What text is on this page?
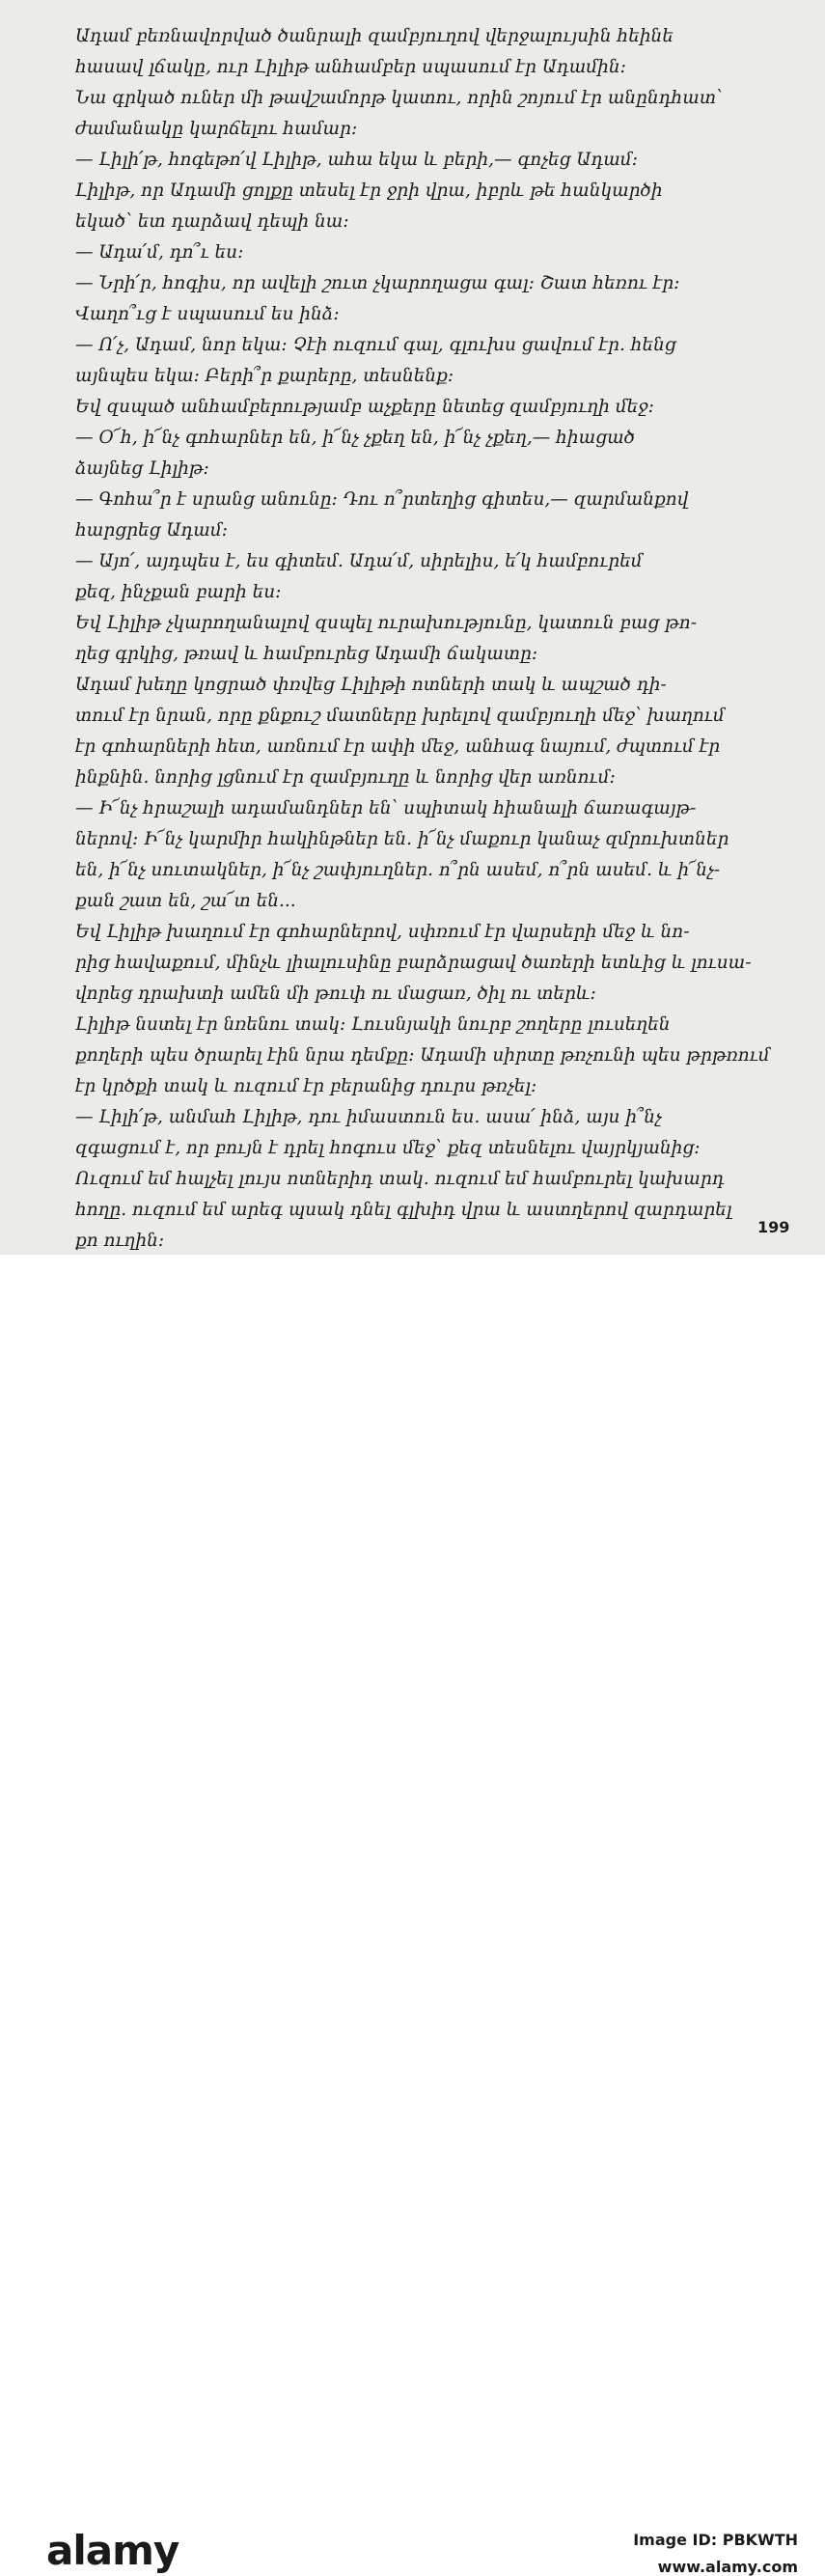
Ադամ բեռնավորված ծանրալի զամբյուղով վերջալույսին հեինե
հասավ լճակը, ուր Լիլիթ անհամբեր սպասում էր Ադամին։
Նա գրկած ուներ մի թավշամորթ կատու, որին շոյում էր անընդհատ՝
ժամանակը կարճելու համար։
— Լիլի՛թ, հոգեթո՛վ Լիլիթ, ահա եկա և բերի,— գոչեց Ադամ։
Լիլիթ, որ Ադամի ցոլքը տեսել էր ջրի վրա, իբրև թե հանկարծի
եկած՝ ետ դարձավ դեպի նա։
— Ադա՛մ, դո՞ւ ես։
— Նրի՛ր, հոգիս, որ ավելի շուտ չկարողացա գալ։ Շատ հեռու էր։
Վաղո՞ւց է սպասում ես ինձ։
— Ո՛չ, Ադամ, նոր եկա։ Չէի ուզում գալ, գլուխս ցավում էր. հենց
այնպես եկա։ Բերի՞ր քարերը, տեսնենք։
Եվ զսպած անհամբերությամբ աչքերը նետեց զամբյուղի մեջ։
— Օ՜հ, ի՜նչ գոհարներ են, ի՜նչ չքեղ են, ի՜նչ չքեղ,— հիացած
ձայնեց Լիլիթ։
— Գոհա՞ր է սրանց անունը։ Դու ո՞րտեղից գիտես,— զարմանքով
հարցրեց Ադամ։
— Այո՛, այդպես է, ես գիտեմ. Ադա՛մ, սիրելիս, ե՛կ համբուրեմ
քեզ, ինչքան բարի ես։
Եվ Լիլիթ չկարողանալով զսպել ուրախությունը, կատուն բաց թո-
ղեց գրկից, թռավ և համբուրեց Ադամի ճակատը։
Ադամ խեղը կոցրած փռվեց Լիլիթի ոտների տակ և ապշած դի-
տում էր նրան, որը քնքուշ մատները խրելով զամբյուղի մեջ՝ խաղում
էր գոհարների հետ, առնում էր ափի մեջ, անհագ նայում, ժպտում էր
ինքնին. նորից լցնում էր զամբյուղը և նորից վեր առնում։
— Ի՜նչ հրաշալի ադամանդներ են՝ սպիտակ հիանալի ճառագայթ-
ներով։ Ի՜նչ կարմիր հակինթներ են. ի՜նչ մաքուր կանաչ զմրուխտներ
են, ի՜նչ սուտակներ, ի՜նչ շափյուղներ. ո՞րն ասեմ, ո՞րն ասեմ. և ի՜նչ-
քան շատ են, շա՜տ են...
Եվ Լիլիթ խաղում էր գոհարներով, սփռում էր վարսերի մեջ և նո-
րից հավաքում, մինչև լիալուսինը բարձրացավ ծառերի ետևից և լուսա-
վորեց դրախտի ամեն մի թուփ ու մացառ, ծիլ ու տերև։
Լիլիթ նստել էր նռենու տակ։ Լուսնյակի նուրբ շողերը լուսեղեն
քողերի պես ծրարել էին նրա դեմքը։ Ադամի սիրտը թռչունի պես թրթռում
էր կրծքի տակ և ուզում էր բերանից դուրս թռչել։
— Լիլի՛թ, անմահ Լիլիթ, դու իմաստուն ես. ասա՛ ինձ, այս ի՞նչ
զգացում է, որ բույն է դրել հոգուս մեջ՝ քեզ տեսնելու վայրկյանից։
Ուզում եմ հալչել լույս ոտներիդ տակ. ուզում եմ համբուրել կախարդ
հողը. ուզում եմ արեգ պսակ դնել գլխիդ վրա և աստղերով զարդարել
քո ուղին։
199
alamy	Image ID: PBKWTH
www.alamy.com
